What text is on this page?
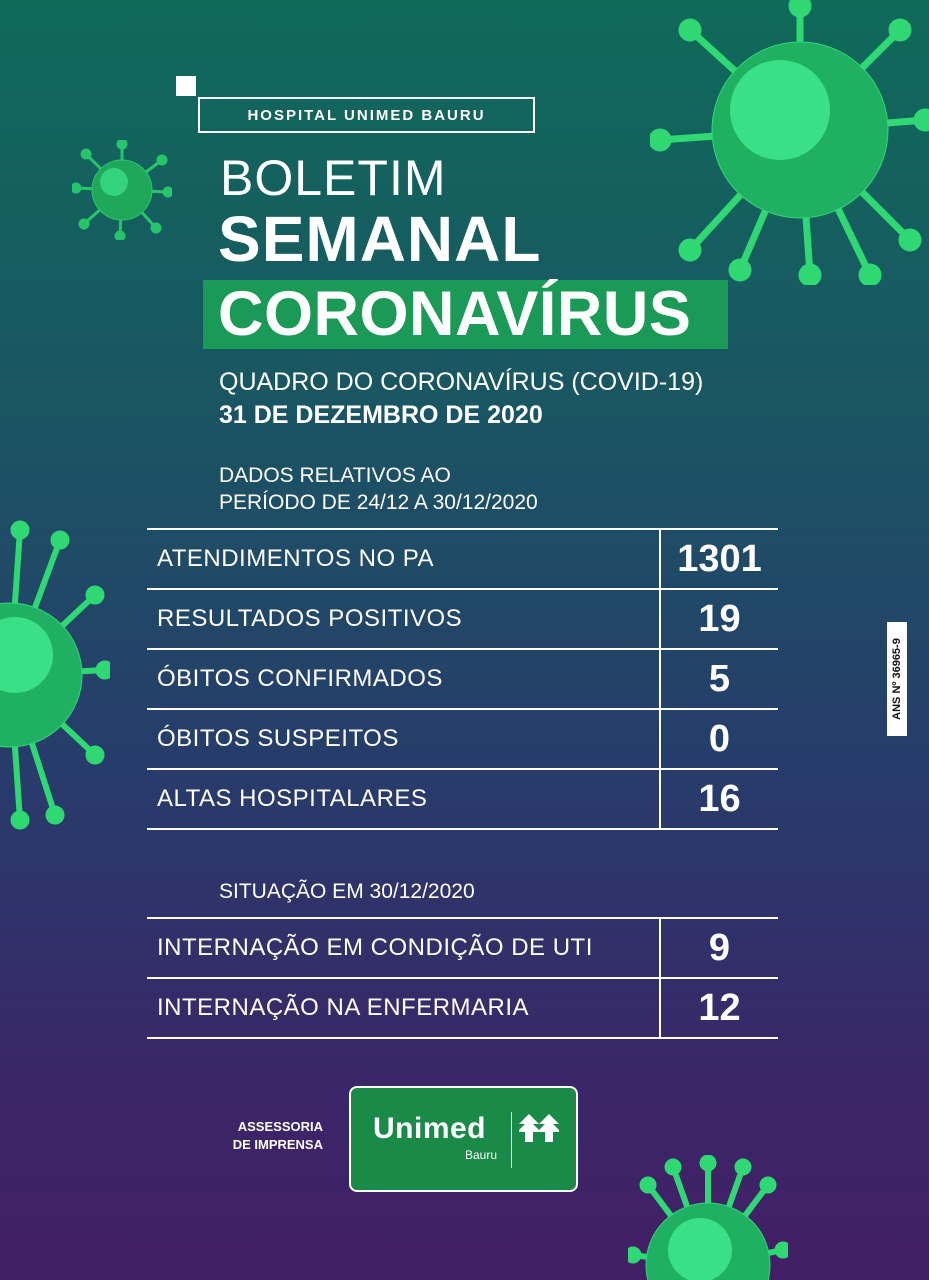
HOSPITAL UNIMED BAURU
BOLETIM
SEMANAL
CORONAVÍRUS
QUADRO DO CORONAVÍRUS (COVID-19)
31 DE DEZEMBRO DE 2020
DADOS RELATIVOS AO
PERÍODO DE 24/12 A 30/12/2020
ATENDIMENTOS NO PA	1301
RESULTADOS POSITIVOS	19
ÓBITOS CONFIRMADOS	5
ÓBITOS SUSPEITOS	0
ALTAS HOSPITALARES	16
SITUAÇÃO EM 30/12/2020
INTERNAÇÃO EM CONDIÇÃO DE UTI	9
INTERNAÇÃO NA ENFERMARIA	12
ANS Nº 36965-9
ASSESSORIA
DE IMPRENSA Unimed
Bauru
